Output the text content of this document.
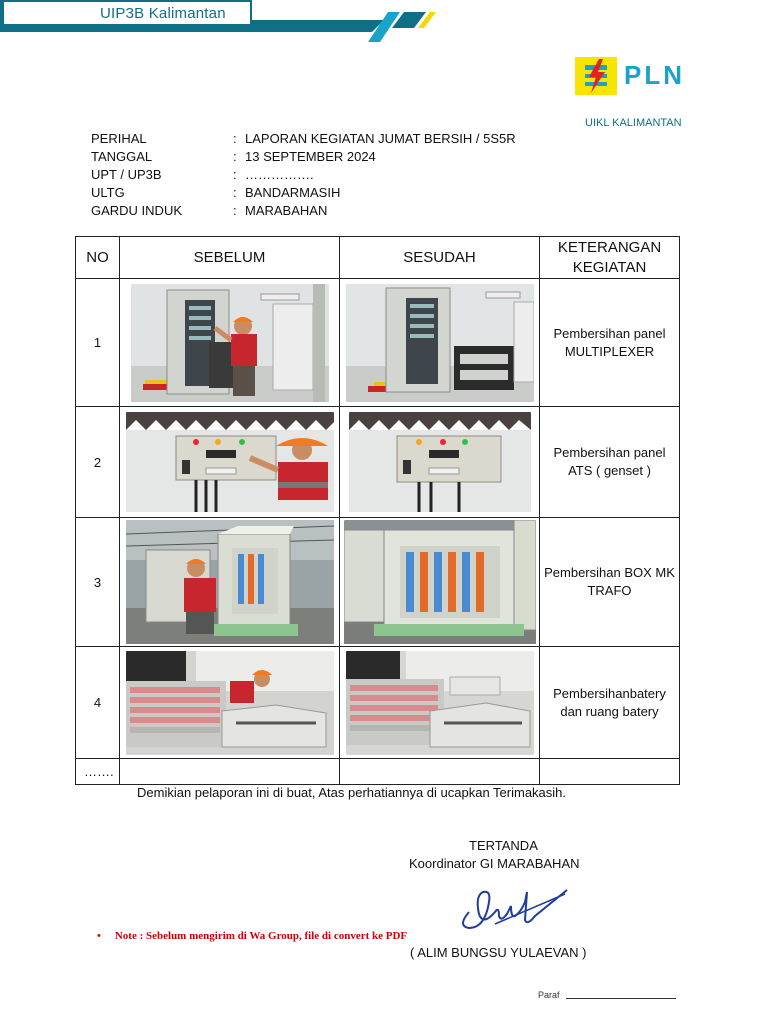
UIP3B Kalimantan
PLN
UIKL KALIMANTAN
PERIHAL	: LAPORAN KEGIATAN JUMAT BERSIH / 5S5R
TANGGAL	: 13 SEPTEMBER 2024
UPT / UP3B	: …………….
ULTG	: BANDARMASIH
GARDU INDUK	: MARABAHAN
NO	SEBELUM	SESUDAH	KETERANGAN KEGIATAN
1			Pembersihan panel MULTIPLEXER
2			Pembersihan panel ATS ( genset )
3			Pembersihan BOX MK TRAFO
4			Pembersihanbatery dan ruang batery
…….			
Demikian pelaporan ini di buat, Atas perhatiannya di ucapkan Terimakasih.
TERTANDA
Koordinator GI MARABAHAN
• Note : Sebelum mengirim di Wa Group, file di convert ke PDF
( ALIM BUNGSU YULAEVAN )
Paraf
